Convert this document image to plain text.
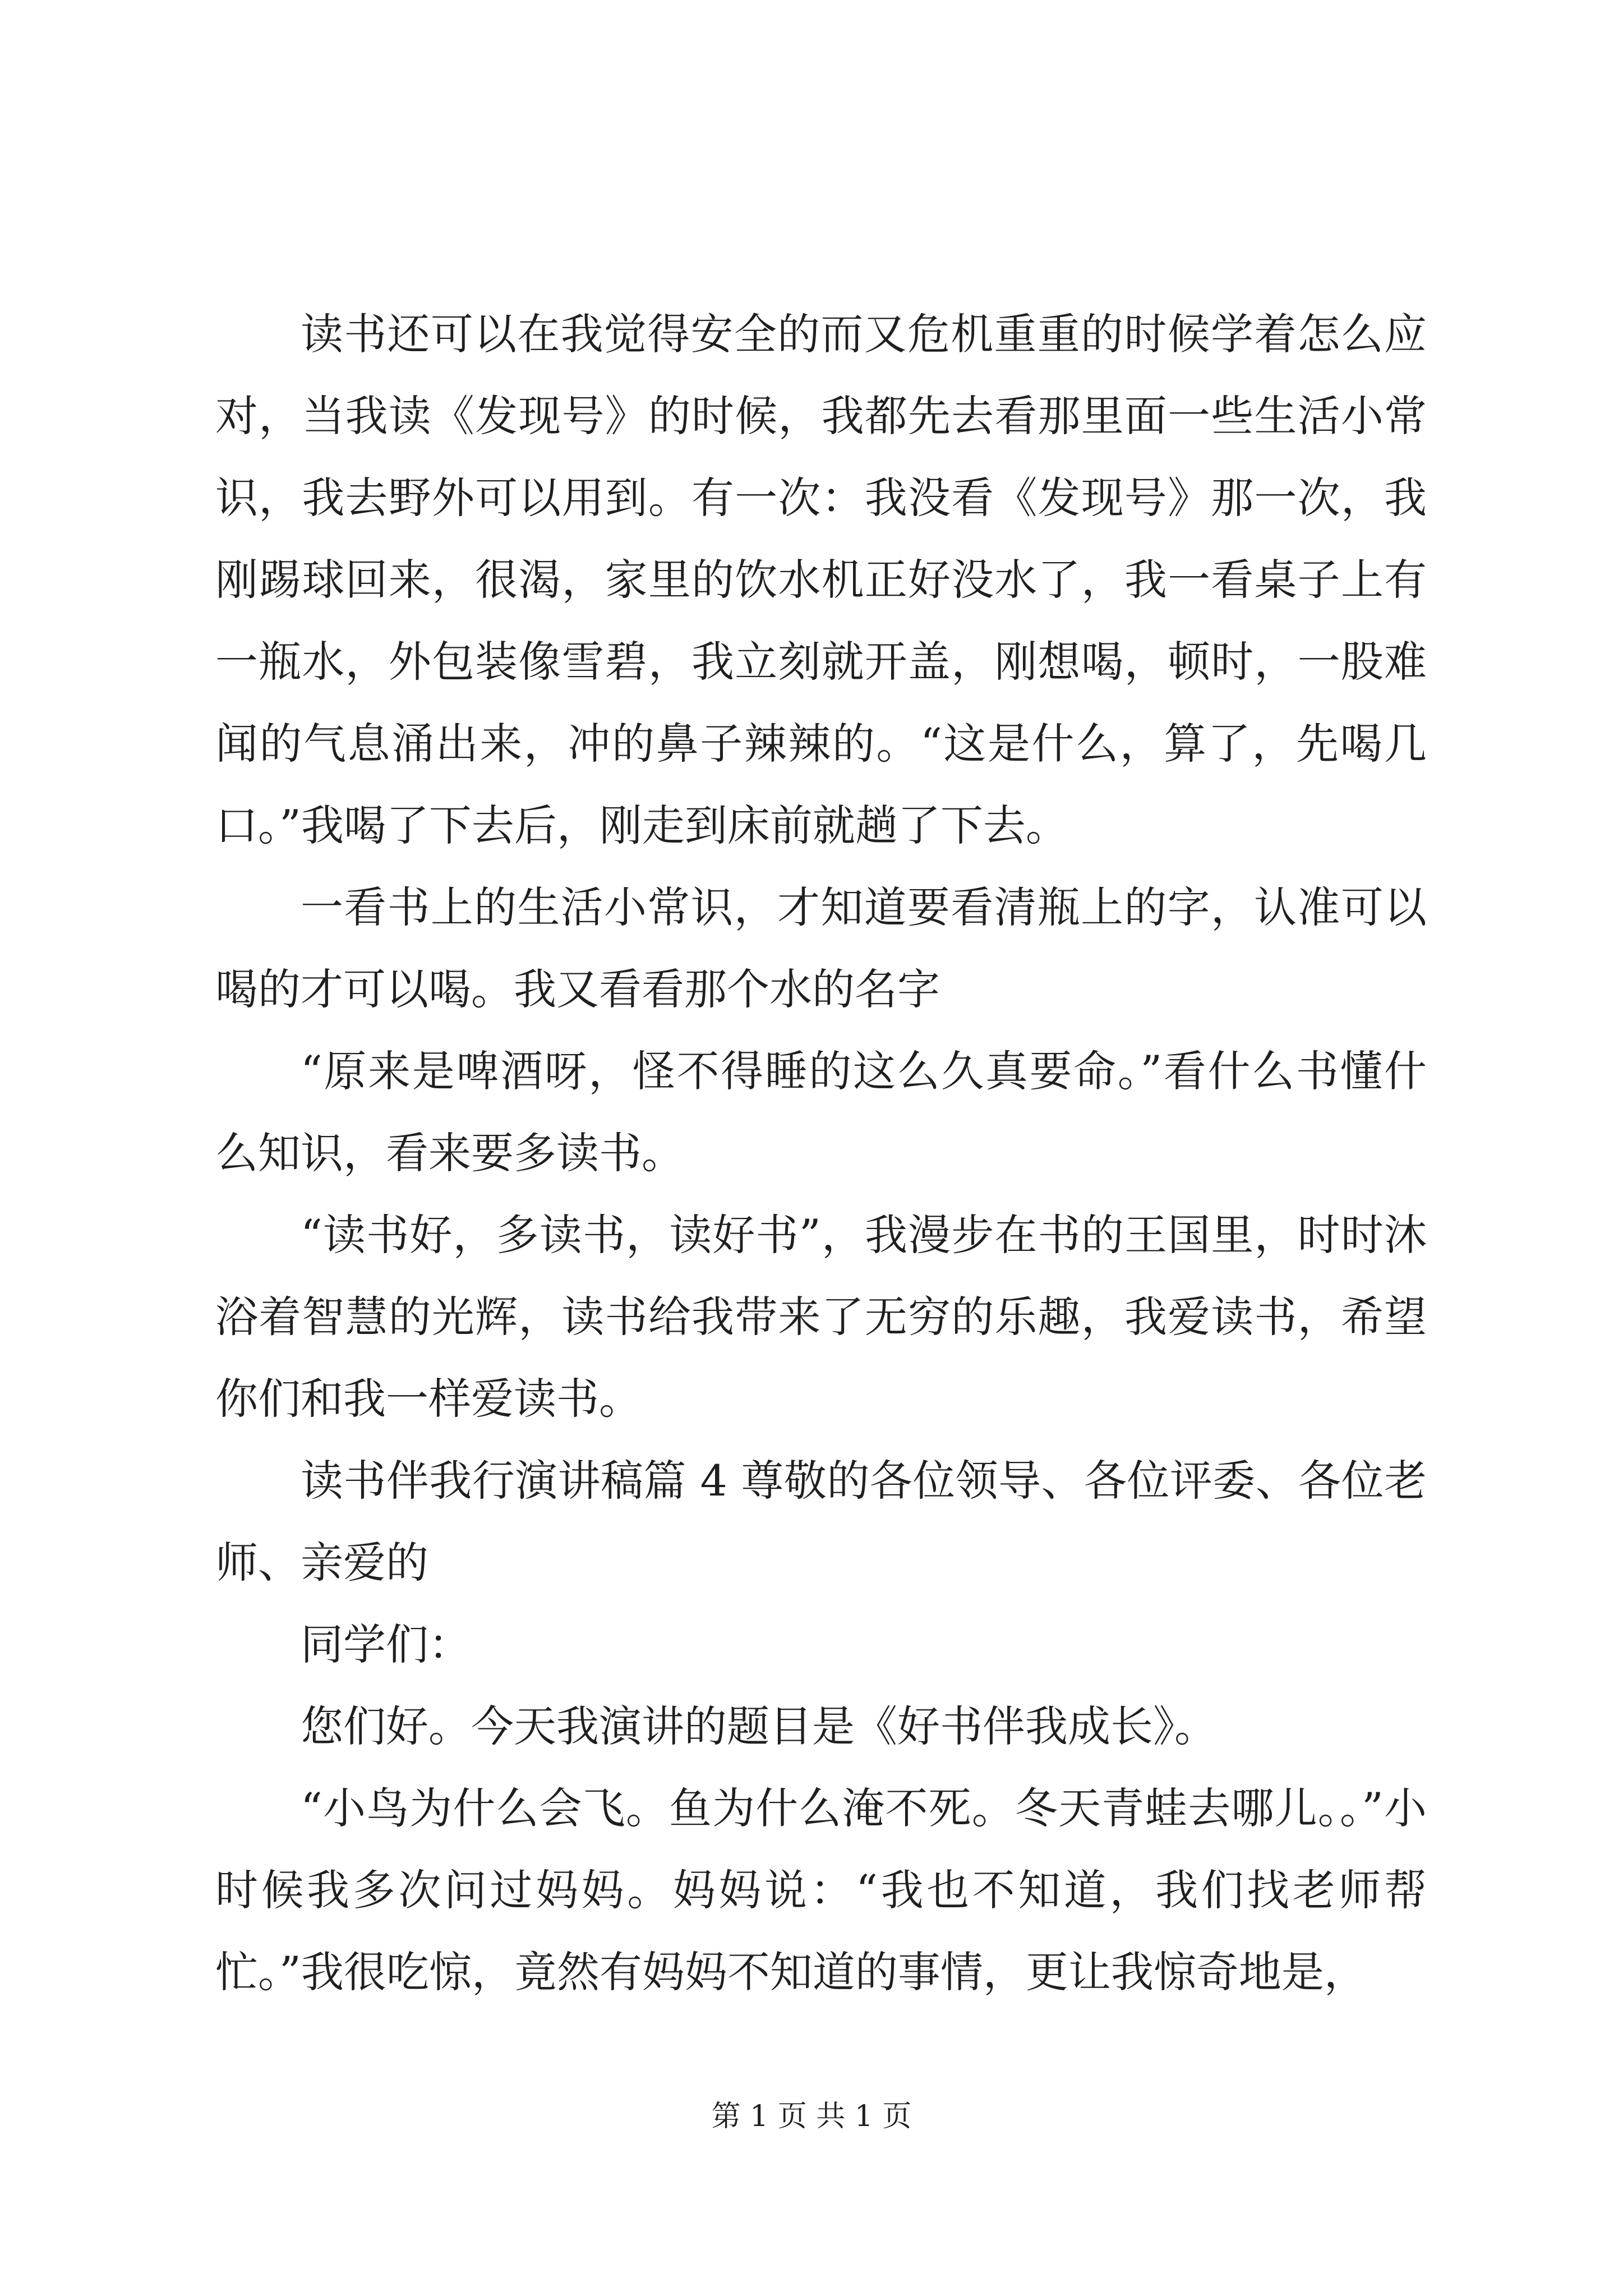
读书还可以在我觉得安全的而又危机重重的时候学着怎么应对，当我读《发现号》的时候，我都先去看那里面一些生活小常识，我去野外可以用到。有一次：我没看《发现号》那一次，我刚踢球回来，很渴，家里的饮水机正好没水了，我一看桌子上有一瓶水，外包装像雪碧，我立刻就开盖，刚想喝，顿时，一股难闻的气息涌出来，冲的鼻子辣辣的。“这是什么，算了，先喝几口。”我喝了下去后，刚走到床前就趟了下去。

一看书上的生活小常识，才知道要看清瓶上的字，认准可以喝的才可以喝。我又看看那个水的名字

“原来是啤酒呀，怪不得睡的这么久真要命。”看什么书懂什么知识，看来要多读书。

“读书好，多读书，读好书”，我漫步在书的王国里，时时沐浴着智慧的光辉，读书给我带来了无穷的乐趣，我爱读书，希望你们和我一样爱读书。

读书伴我行演讲稿篇 4 尊敬的各位领导、各位评委、各位老师、亲爱的

同学们：

您们好。今天我演讲的题目是《好书伴我成长》。

“小鸟为什么会飞。鱼为什么淹不死。冬天青蛙去哪儿。。”小时候我多次问过妈妈。妈妈说：“我也不知道，我们找老师帮忙。”我很吃惊，竟然有妈妈不知道的事情，更让我惊奇地是，

第 1 页 共 1 页
